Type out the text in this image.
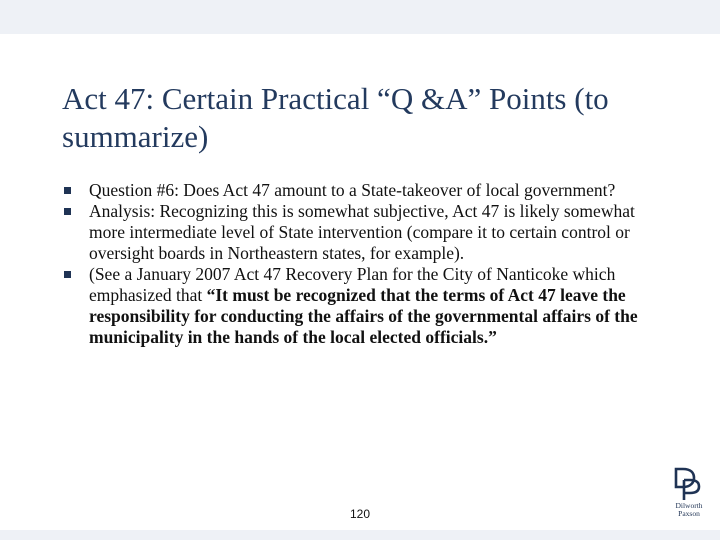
Act 47: Certain Practical “Q &A” Points (to summarize)
Question #6: Does Act 47 amount to a State-takeover of local government?
Analysis: Recognizing this is somewhat subjective, Act 47 is likely somewhat more intermediate level of State intervention (compare it to certain control or oversight boards in Northeastern states, for example).
(See a January 2007 Act 47 Recovery Plan for the City of Nanticoke which emphasized that “It must be recognized that the terms of Act 47 leave the responsibility for conducting the affairs of the governmental affairs of the municipality in the hands of the local elected officials.”
120
Dilworth
Paxson
